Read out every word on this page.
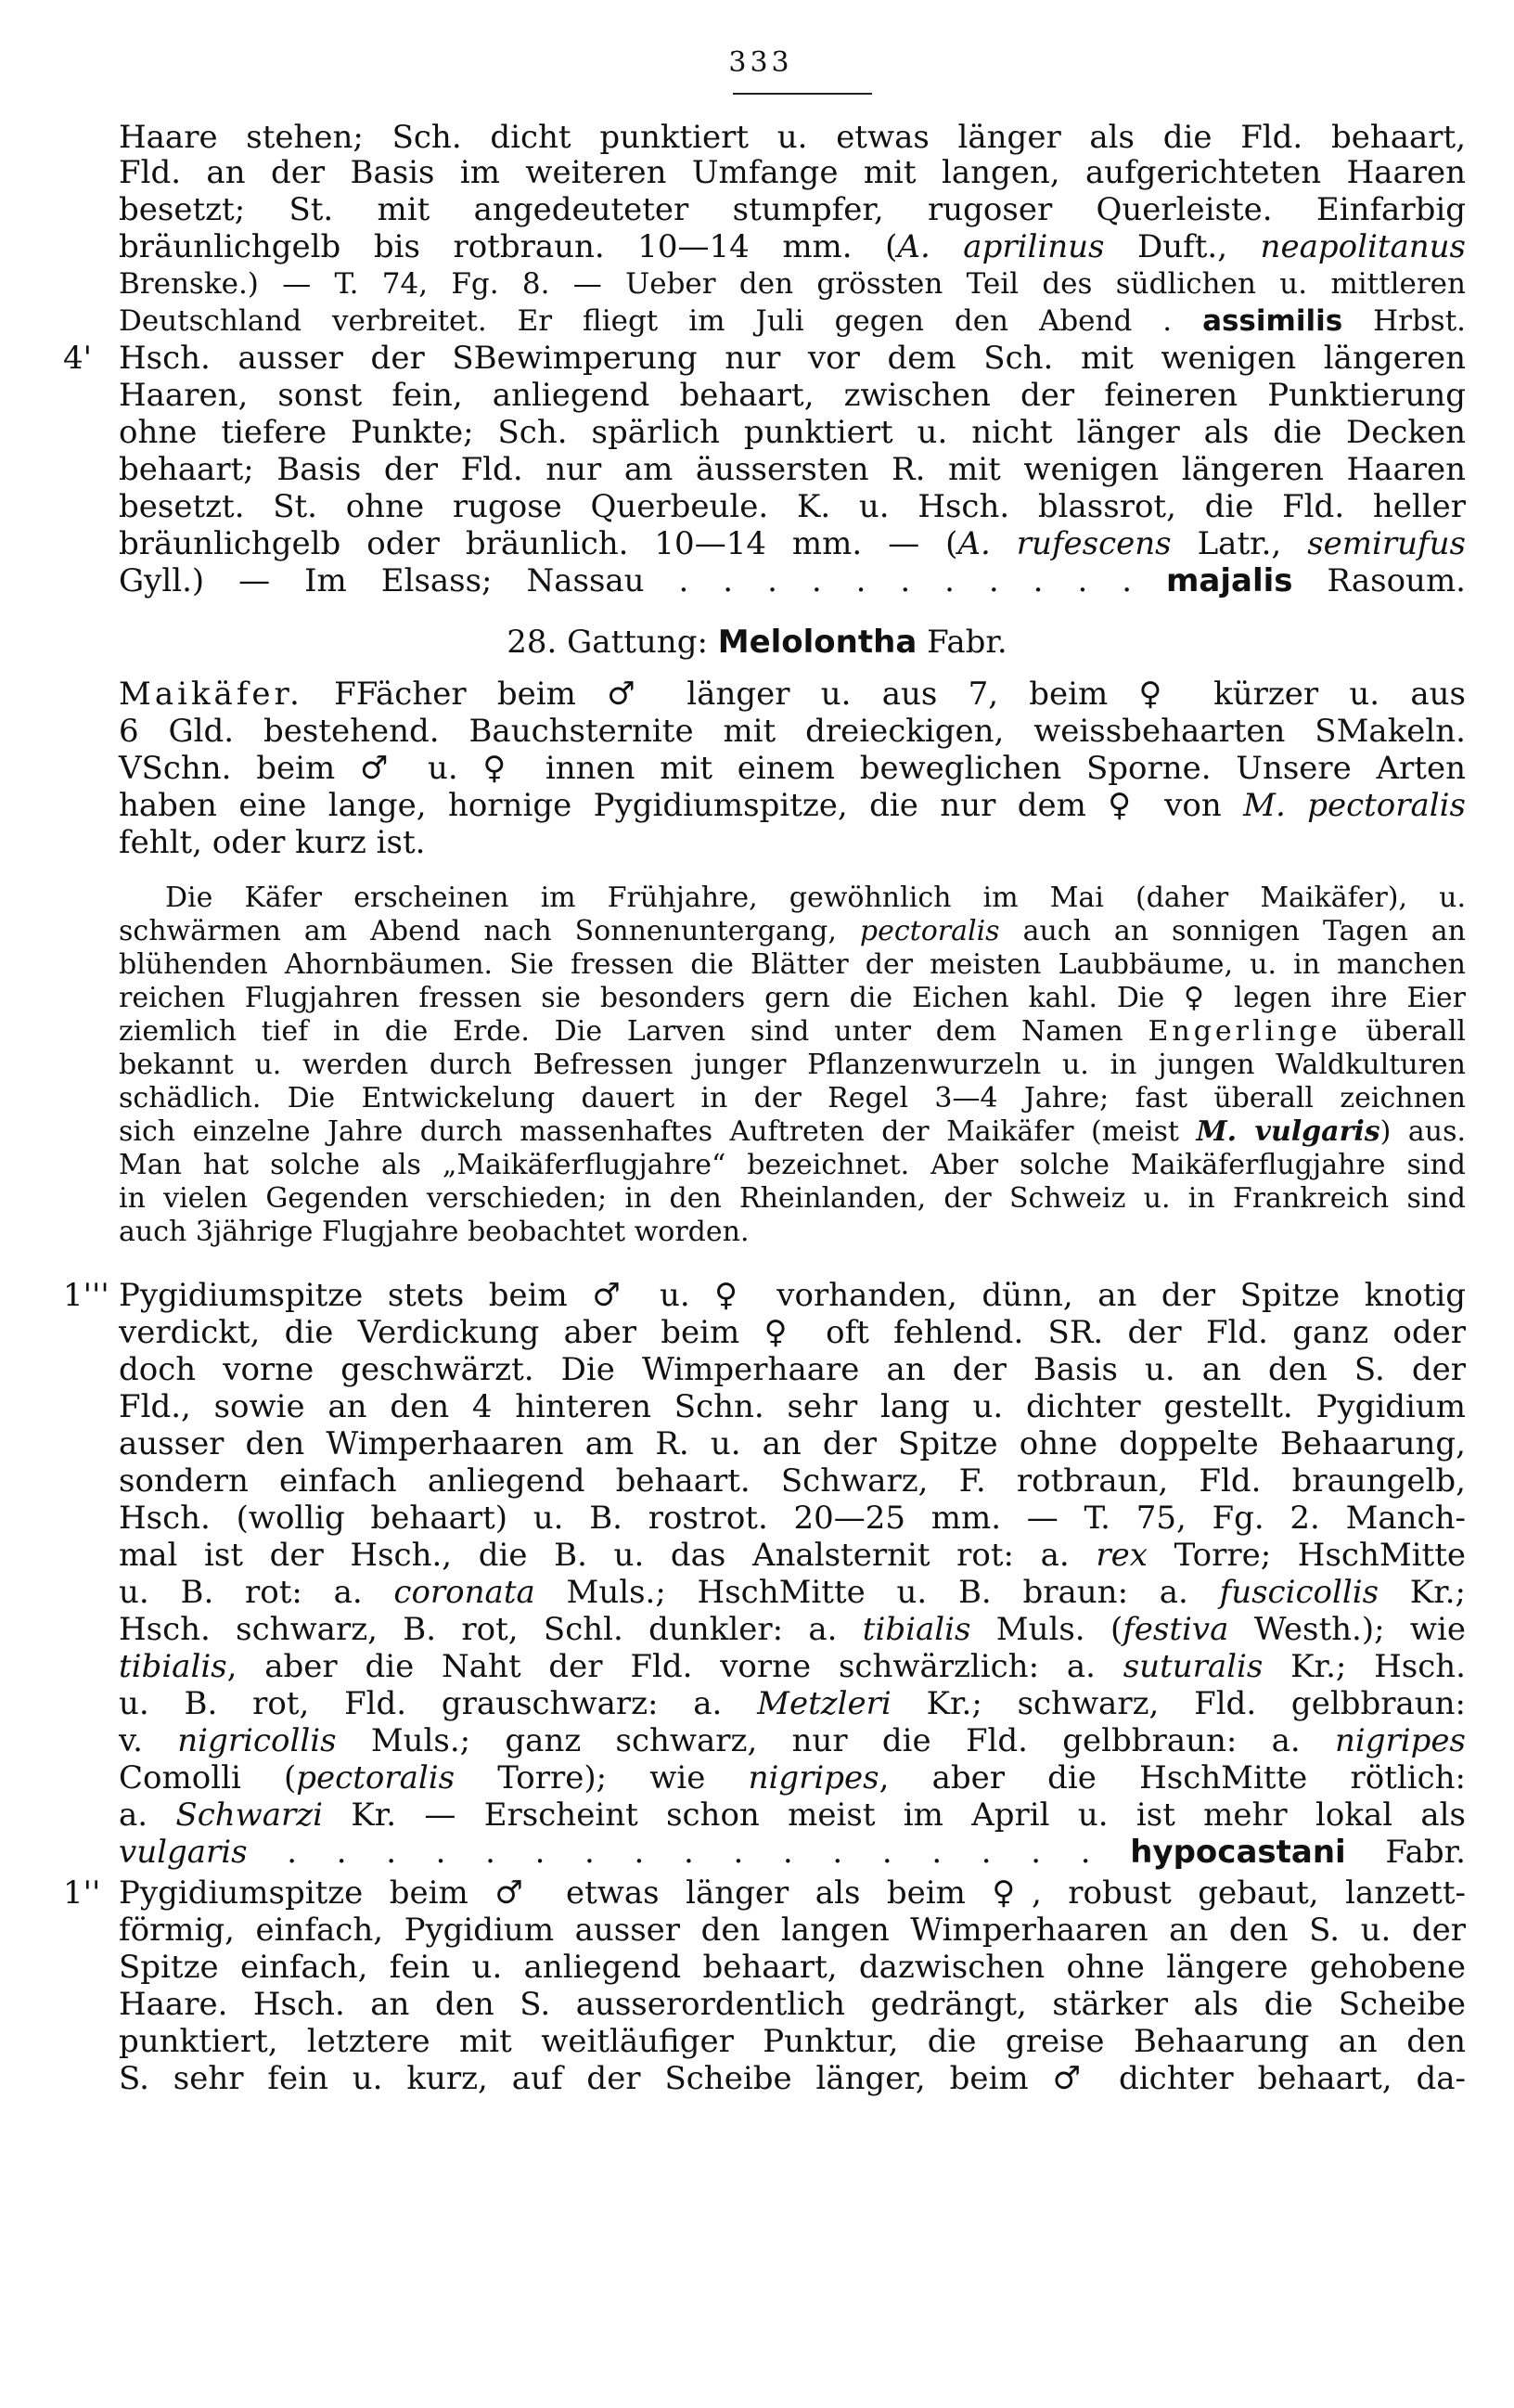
333
Haare stehen; Sch. dicht punktiert u. etwas länger als die Fld. behaart,
Fld. an der Basis im weiteren Umfange mit langen, aufgerichteten Haaren
besetzt; St. mit angedeuteter stumpfer, rugoser Querleiste. Einfarbig
bräunlichgelb bis rotbraun. 10—14 mm. (A. aprilinus Duft., neapolitanus
Brenske.) — T. 74, Fg. 8. — Ueber den grössten Teil des südlichen u. mittleren
Deutschland verbreitet. Er fliegt im Juli gegen den Abend . assimilis Hrbst.
4' Hsch. ausser der SBewimperung nur vor dem Sch. mit wenigen längeren
Haaren, sonst fein, anliegend behaart, zwischen der feineren Punktierung
ohne tiefere Punkte; Sch. spärlich punktiert u. nicht länger als die Decken
behaart; Basis der Fld. nur am äussersten R. mit wenigen längeren Haaren
besetzt. St. ohne rugose Querbeule. K. u. Hsch. blassrot, die Fld. heller
bräunlichgelb oder bräunlich. 10—14 mm. — (A. rufescens Latr., semirufus
Gyll.) — Im Elsass; Nassau . . . . . . . . . . . majalis Rasoum.
28. Gattung: Melolontha Fabr.
Maikäfer. FFächer beim ♂ länger u. aus 7, beim ♀ kürzer u. aus
6 Gld. bestehend. Bauchsternite mit dreieckigen, weissbehaarten SMakeln.
VSchn. beim ♂ u. ♀ innen mit einem beweglichen Sporne. Unsere Arten
haben eine lange, hornige Pygidiumspitze, die nur dem ♀ von M. pectoralis
fehlt, oder kurz ist.
Die Käfer erscheinen im Frühjahre, gewöhnlich im Mai (daher Maikäfer), u.
schwärmen am Abend nach Sonnenuntergang, pectoralis auch an sonnigen Tagen an
blühenden Ahornbäumen. Sie fressen die Blätter der meisten Laubbäume, u. in manchen
reichen Flugjahren fressen sie besonders gern die Eichen kahl. Die ♀ legen ihre Eier
ziemlich tief in die Erde. Die Larven sind unter dem Namen Engerlinge überall
bekannt u. werden durch Befressen junger Pflanzenwurzeln u. in jungen Waldkulturen
schädlich. Die Entwickelung dauert in der Regel 3—4 Jahre; fast überall zeichnen
sich einzelne Jahre durch massenhaftes Auftreten der Maikäfer (meist M. vulgaris) aus.
Man hat solche als „Maikäferflugjahre“ bezeichnet. Aber solche Maikäferflugjahre sind
in vielen Gegenden verschieden; in den Rheinlanden, der Schweiz u. in Frankreich sind
auch 3jährige Flugjahre beobachtet worden.
1''' Pygidiumspitze stets beim ♂ u. ♀ vorhanden, dünn, an der Spitze knotig
verdickt, die Verdickung aber beim ♀ oft fehlend. SR. der Fld. ganz oder
doch vorne geschwärzt. Die Wimperhaare an der Basis u. an den S. der
Fld., sowie an den 4 hinteren Schn. sehr lang u. dichter gestellt. Pygidium
ausser den Wimperhaaren am R. u. an der Spitze ohne doppelte Behaarung,
sondern einfach anliegend behaart. Schwarz, F. rotbraun, Fld. braungelb,
Hsch. (wollig behaart) u. B. rostrot. 20—25 mm. — T. 75, Fg. 2. Manch-
mal ist der Hsch., die B. u. das Analsternit rot: a. rex Torre; HschMitte
u. B. rot: a. coronata Muls.; HschMitte u. B. braun: a. fuscicollis Kr.;
Hsch. schwarz, B. rot, Schl. dunkler: a. tibialis Muls. (festiva Westh.); wie
tibialis, aber die Naht der Fld. vorne schwärzlich: a. suturalis Kr.; Hsch.
u. B. rot, Fld. grauschwarz: a. Metzleri Kr.; schwarz, Fld. gelbbraun:
v. nigricollis Muls.; ganz schwarz, nur die Fld. gelbbraun: a. nigripes
Comolli (pectoralis Torre); wie nigripes, aber die HschMitte rötlich:
a. Schwarzi Kr. — Erscheint schon meist im April u. ist mehr lokal als
vulgaris . . . . . . . . . . . . . . . . . hypocastani Fabr.
1'' Pygidiumspitze beim ♂ etwas länger als beim ♀, robust gebaut, lanzett-
förmig, einfach, Pygidium ausser den langen Wimperhaaren an den S. u. der
Spitze einfach, fein u. anliegend behaart, dazwischen ohne längere gehobene
Haare. Hsch. an den S. ausserordentlich gedrängt, stärker als die Scheibe
punktiert, letztere mit weitläufiger Punktur, die greise Behaarung an den
S. sehr fein u. kurz, auf der Scheibe länger, beim ♂ dichter behaart, da-
